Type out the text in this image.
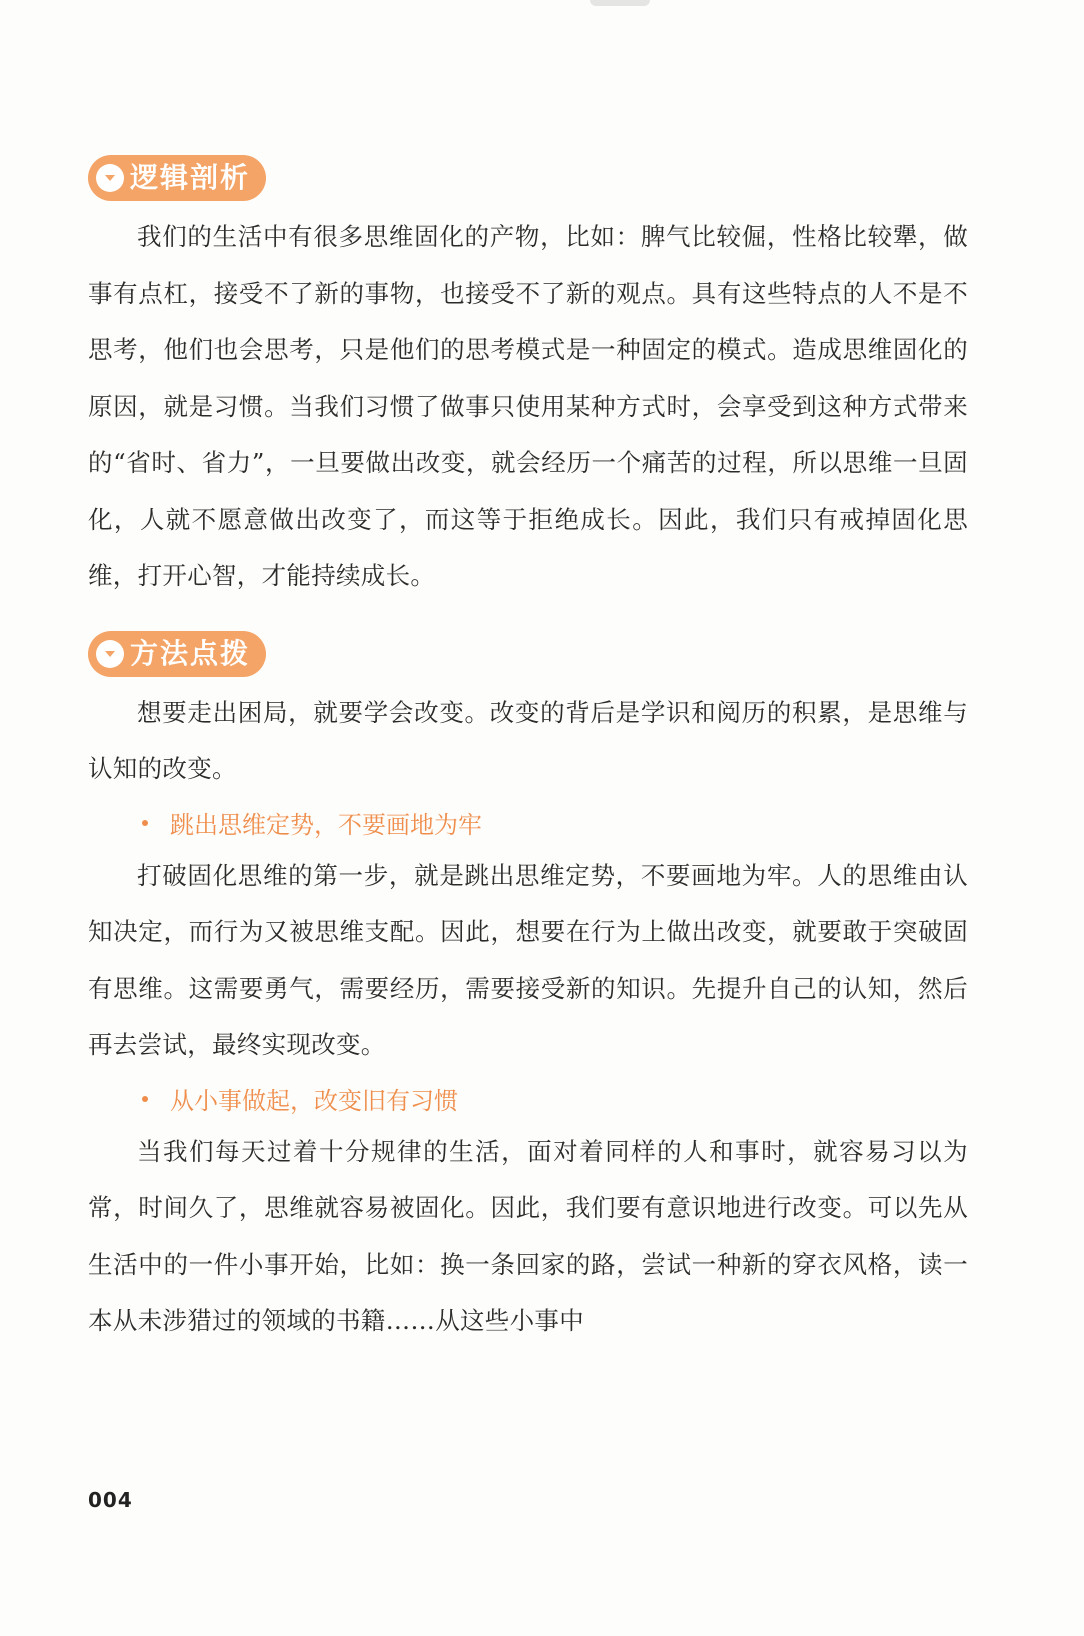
逻辑剖析

我们的生活中有很多思维固化的产物，比如：脾气比较倔，性格比较犟，做事有点杠，接受不了新的事物，也接受不了新的观点。具有这些特点的人不是不思考，他们也会思考，只是他们的思考模式是一种固定的模式。造成思维固化的原因，就是习惯。当我们习惯了做事只使用某种方式时，会享受到这种方式带来的“省时、省力”，一旦要做出改变，就会经历一个痛苦的过程，所以思维一旦固化，人就不愿意做出改变了，而这等于拒绝成长。因此，我们只有戒掉固化思维，打开心智，才能持续成长。

方法点拨

想要走出困局，就要学会改变。改变的背后是学识和阅历的积累，是思维与认知的改变。

跳出思维定势，不要画地为牢

打破固化思维的第一步，就是跳出思维定势，不要画地为牢。人的思维由认知决定，而行为又被思维支配。因此，想要在行为上做出改变，就要敢于突破固有思维。这需要勇气，需要经历，需要接受新的知识。先提升自己的认知，然后再去尝试，最终实现改变。

从小事做起，改变旧有习惯

当我们每天过着十分规律的生活，面对着同样的人和事时，就容易习以为常，时间久了，思维就容易被固化。因此，我们要有意识地进行改变。可以先从生活中的一件小事开始，比如：换一条回家的路，尝试一种新的穿衣风格，读一本从未涉猎过的领域的书籍……从这些小事中

004
